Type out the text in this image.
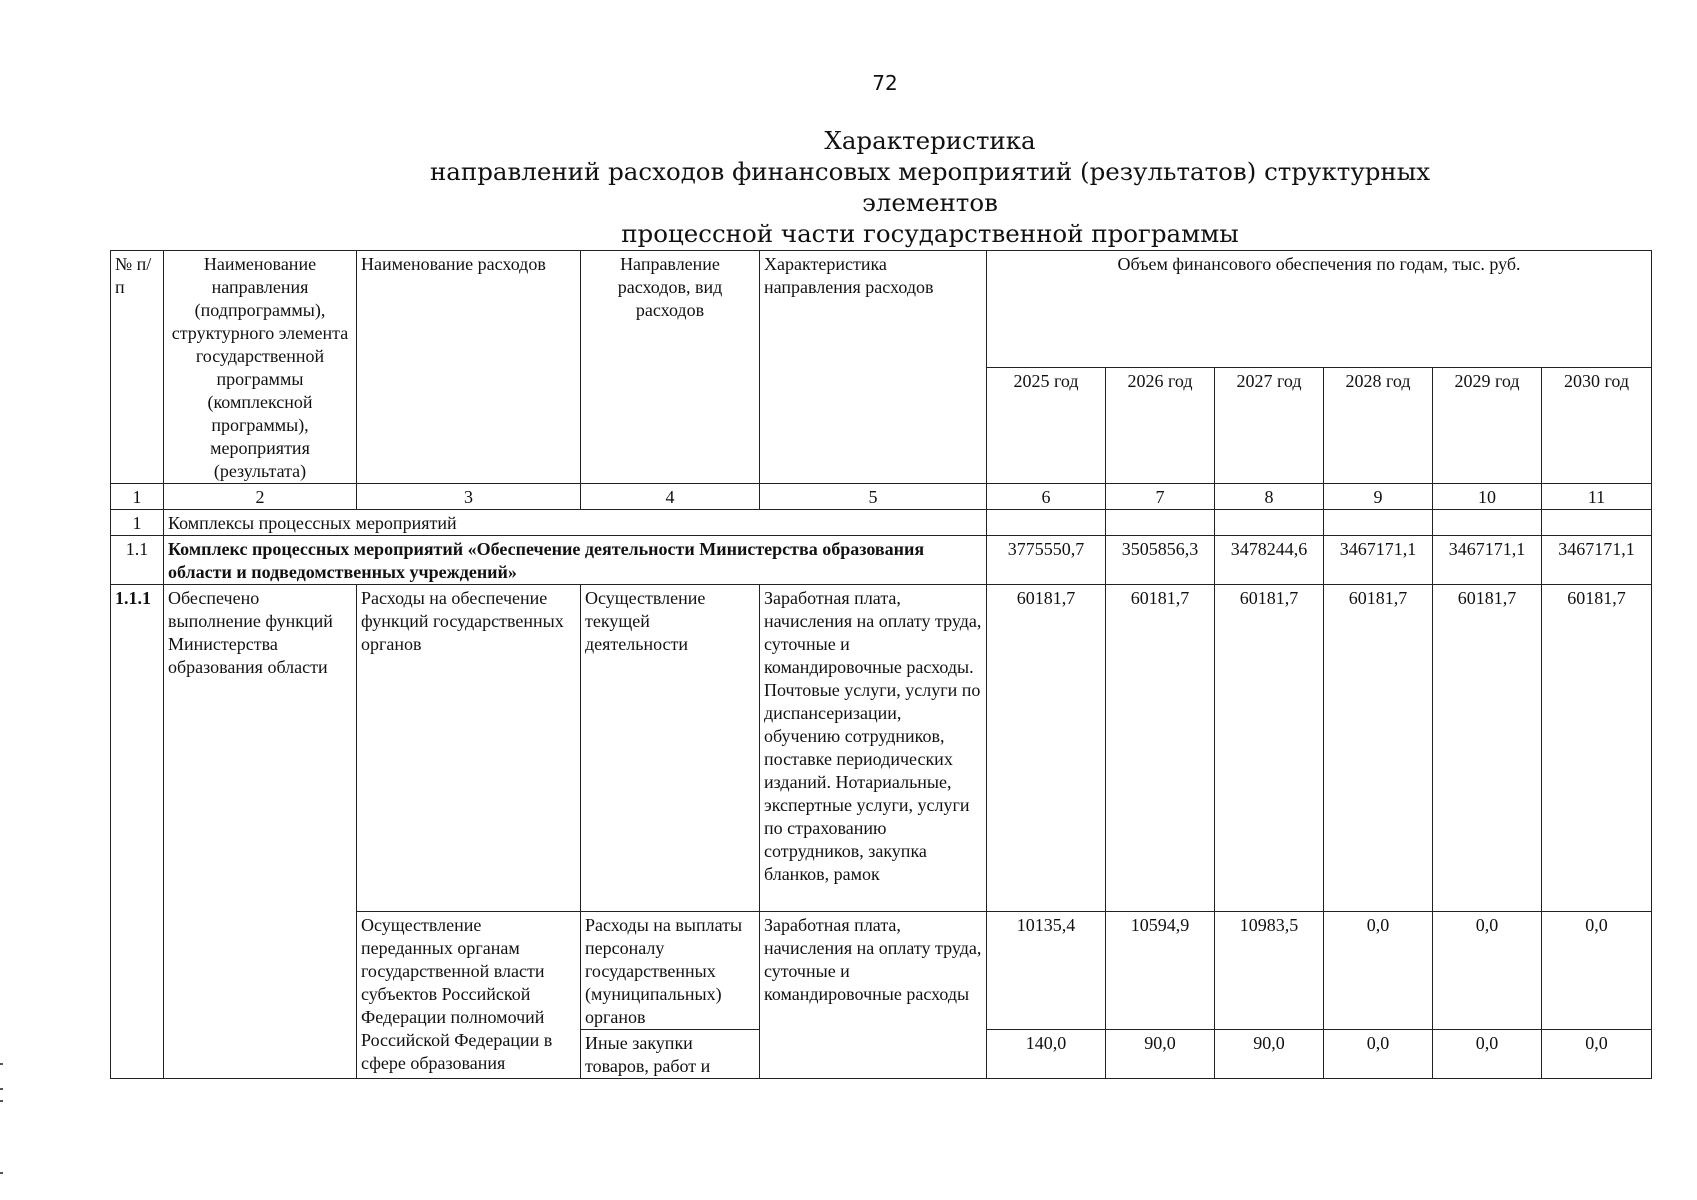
72
Характеристика
направлений расходов финансовых мероприятий (результатов) структурных элементов
процессной части государственной программы
№ п/п	Наименование направления (подпрограммы), структурного элемента государственной программы (комплексной программы), мероприятия (результата)	Наименование расходов	Направление расходов, вид расходов	Характеристика направления расходов	Объем финансового обеспечения по годам, тыс. руб.					
					2025 год	2026 год	2027 год	2028 год	2029 год	2030 год
1	2	3	4	5	6	7	8	9	10	11
1	Комплексы процессных мероприятий									
1.1	Комплекс процессных мероприятий «Обеспечение деятельности Министерства образования области и подведомственных учреждений»				3775550,7	3505856,3	3478244,6	3467171,1	3467171,1	3467171,1
1.1.1	Обеспечено выполнение функций Министерства образования области	Расходы на обеспечение функций государственных органов	Осуществление текущей деятельности	Заработная плата, начисления на оплату труда, суточные и командировочные расходы. Почтовые услуги, услуги по диспансеризации, обучению сотрудников, поставке периодических изданий. Нотариальные, экспертные услуги, услуги по страхованию сотрудников, закупка бланков, рамок	60181,7	60181,7	60181,7	60181,7	60181,7	60181,7
		Осуществление переданных органам государственной власти субъектов Российской Федерации полномочий Российской Федерации в сфере образования	Расходы на выплаты персоналу государственных (муниципальных) органов	Заработная плата, начисления на оплату труда, суточные и командировочные расходы	10135,4	10594,9	10983,5	0,0	0,0	0,0
			Иные закупки товаров, работ и		140,0	90,0	90,0	0,0	0,0	0,0
